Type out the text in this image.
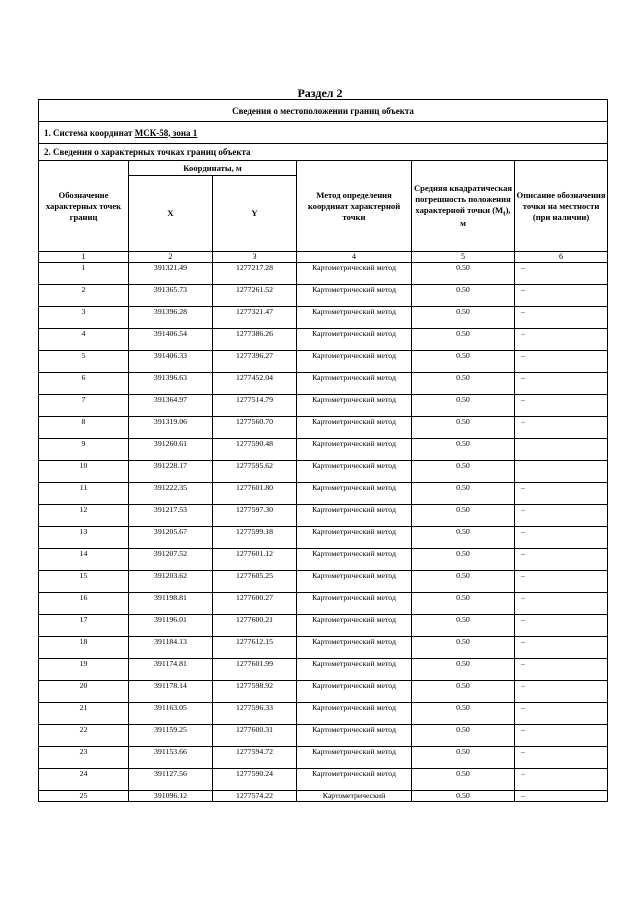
Раздел 2
Сведения о местоположении границ объекта					
1. Система координат МСК-58, зона 1					
2. Сведения о характерных точках границ объекта					
Обозначение характерных точек границ	Координаты, м		Метод определения координат характерной точки	Средняя квадратическая погрешность положения характерной точки $(M_t)$, м	Описание обозначения точки на местности (при наличии)
	X	Y			
1	2	3	4	5	6
1	391321.49	1277217.28	Картометрический метод	0.50	–
2	391365.73	1277261.52	Картометрический метод	0.50	–
3	391396.28	1277321.47	Картометрический метод	0.50	–
4	391406.54	1277386.26	Картометрический метод	0.50	–
5	391406.33	1277396.27	Картометрический метод	0.50	–
6	391396.63	1277452.04	Картометрический метод	0.50	–
7	391364.97	1277514.79	Картометрический метод	0.50	–
8	391319.06	1277560.70	Картометрический метод	0.50	–
9	391260.61	1277590.48	Картометрический метод	0.50	
10	391228.17	1277595.62	Картометрический метод	0.50	
11	391222.35	1277601.80	Картометрический метод	0.50	–
12	391217.53	1277597.30	Картометрический метод	0.50	–
13	391205.67	1277599.18	Картометрический метод	0.50	–
14	391207.52	1277601.12	Картометрический метод	0.50	–
15	391203.62	1277605.25	Картометрический метод	0.50	–
16	391198.81	1277600.27	Картометрический метод	0.50	–
17	391196.01	1277600.21	Картометрический метод	0.50	–
18	391184.13	1277612.15	Картометрический метод	0.50	–
19	391174.81	1277601.99	Картометрический метод	0.50	–
20	391178.14	1277598.92	Картометрический метод	0.50	–
21	391163.05	1277596.33	Картометрический метод	0.50	–
22	391159.25	1277600.31	Картометрический метод	0.50	–
23	391153.66	1277594.72	Картометрический метод	0.50	–
24	391127.56	1277590.24	Картометрический метод	0.50	–
25	391096.12	1277574.22	Картометрический	0.50	–
